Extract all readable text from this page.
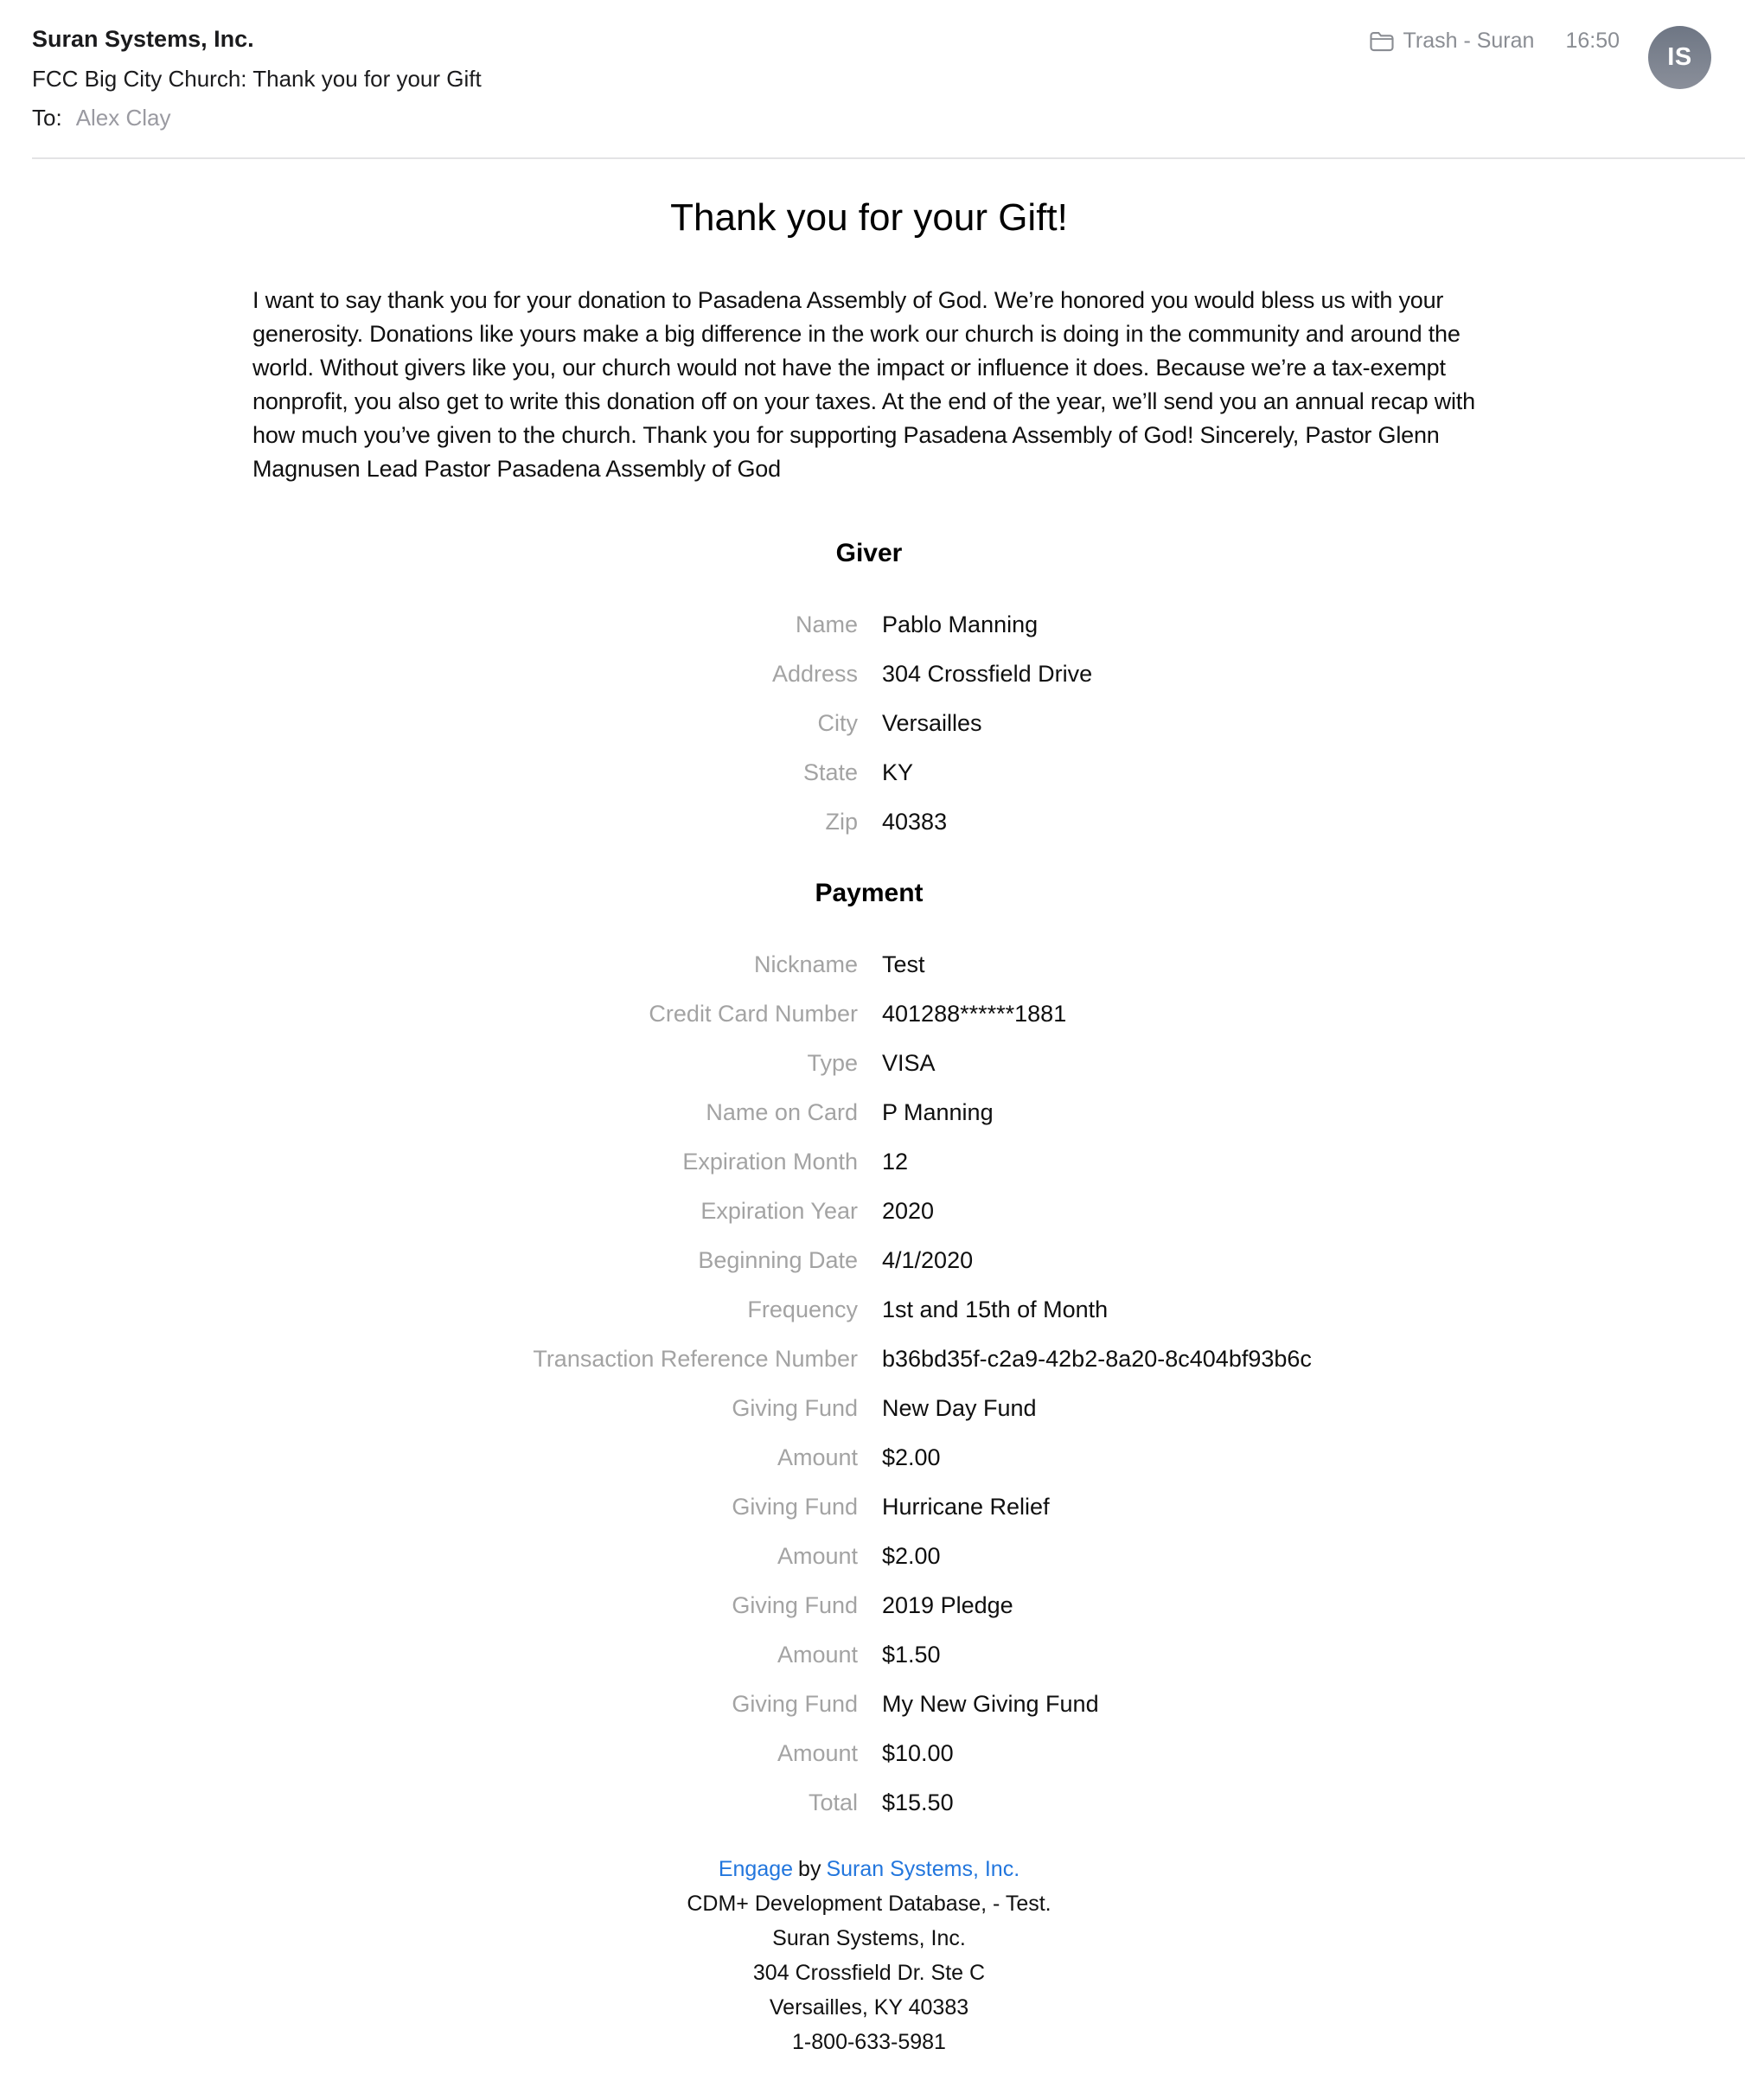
Suran Systems, Inc.
FCC Big City Church: Thank you for your Gift
To: Alex Clay
Trash - Suran 16:50
IS
Thank you for your Gift!

I want to say thank you for your donation to Pasadena Assembly of God. We’re honored you would bless us with your generosity. Donations like yours make a big difference in the work our church is doing in the community and around the world. Without givers like you, our church would not have the impact or influence it does. Because we’re a tax-exempt nonprofit, you also get to write this donation off on your taxes. At the end of the year, we’ll send you an annual recap with how much you’ve given to the church. Thank you for supporting Pasadena Assembly of God! Sincerely, Pastor Glenn Magnusen Lead Pastor Pasadena Assembly of God

Giver
Name Pablo Manning
Address 304 Crossfield Drive
City Versailles
State KY
Zip 40383
Payment
Nickname Test
Credit Card Number 401288******1881
Type VISA
Name on Card P Manning
Expiration Month 12
Expiration Year 2020
Beginning Date 4/1/2020
Frequency 1st and 15th of Month
Transaction Reference Number b36bd35f-c2a9-42b2-8a20-8c404bf93b6c
Giving Fund New Day Fund
Amount $2.00
Giving Fund Hurricane Relief
Amount $2.00
Giving Fund 2019 Pledge
Amount $1.50
Giving Fund My New Giving Fund
Amount $10.00
Total $15.50
Engage by Suran Systems, Inc.
CDM+ Development Database, - Test.
Suran Systems, Inc.
304 Crossfield Dr. Ste C
Versailles, KY 40383
1-800-633-5981
